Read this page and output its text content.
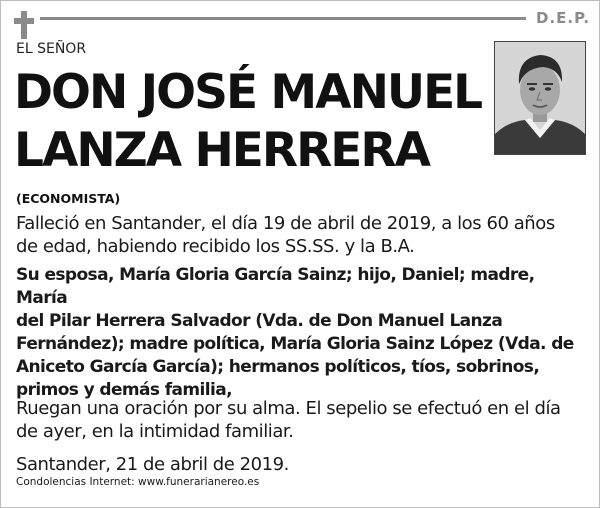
D.E.P.
EL SEÑOR
DON JOSÉ MANUEL
LANZA HERRERA
(ECONOMISTA)

Falleció en Santander, el día 19 de abril de 2019, a los 60 años
de edad, habiendo recibido los SS.SS. y la B.A.

Su esposa, María Gloria García Sainz; hijo, Daniel; madre, María
del Pilar Herrera Salvador (Vda. de Don Manuel Lanza
Fernández); madre política, María Gloria Sainz López (Vda. de
Aniceto García García); hermanos políticos, tíos, sobrinos,
primos y demás familia,

Ruegan una oración por su alma. El sepelio se efectuó en el día
de ayer, en la intimidad familiar.

Santander, 21 de abril de 2019.

Condolencias Internet: www.funerarianereo.es
